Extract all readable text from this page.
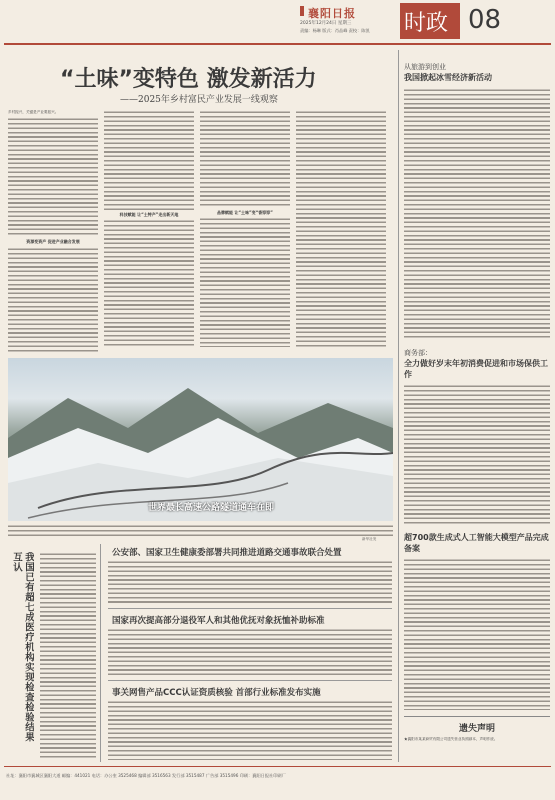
襄阳日报
2025年12月24日 星期三
责编：杨琳 版式：肖品峰 责校：陈凯 时政 08
“土味”变特色 激发新活力
——2025年乡村富民产业发展一线观察
乡村振兴，关键是产业要振兴。
资源变资产 促进产业融合发展
科技赋能 让“土特产”走出新天地	品牌赋能 让“土味”变“香饽饽”
世界最长高速公路隧道通车在即
新华社发
从旅游到创业
我国掀起冰雪经济新活动
商务部：
全力做好岁末年初消费促进和市场保供工作
超700款生成式人工智能大模型产品完成备案
遗失声明
★襄阳市某某商贸有限公司遗失营业执照副本，声明作废。
我国已有超七成医疗机构实现检查检验结果互认	公安部、国家卫生健康委部署共同推进道路交通事故联合处置
国家再次提高部分退役军人和其他优抚对象抚恤补助标准
事关网售产品CCC认证资质核验 首部行业标准发布实施
社址：襄阳市襄城区襄阳大道 邮编：441021 电话：办公室 3525468 编辑部 3516563 发行部 3515487 广告部 3515496 印刷：襄阳日报社印刷厂
